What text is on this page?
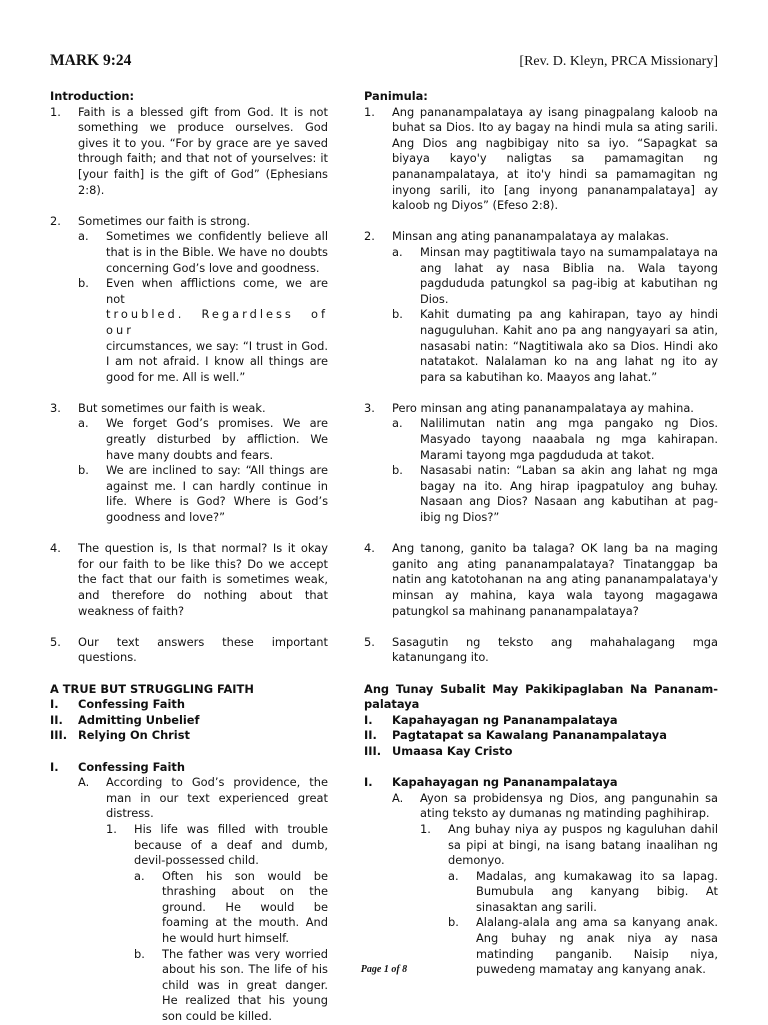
MARK 9:24	[Rev. D. Kleyn, PRCA Missionary]

Introduction:

1.	Faith is a blessed gift from God. It is not something we produce ourselves. God gives it to you. “For by grace are ye saved through faith; and that not of yourselves: it [your faith] is the gift of God” (Ephesians 2:8).
2.	Sometimes our faith is strong.
a.	Sometimes we confidently believe all that is in the Bible. We have no doubts concerning God’s love and goodness.
b.	Even when afflictions come, we are not
troubled. Regardless of our
circumstances, we say: “I trust in God. I am not afraid. I know all things are good for me. All is well.”
3.	But sometimes our faith is weak.
a.	We forget God’s promises. We are greatly disturbed by affliction. We have many doubts and fears.
b.	We are inclined to say: “All things are against me. I can hardly continue in life. Where is God? Where is God’s goodness and love?”
4.	The question is, Is that normal? Is it okay for our faith to be like this? Do we accept the fact that our faith is sometimes weak, and therefore do nothing about that weakness of faith?
5.	Our text answers these important questions.

A TRUE BUT STRUGGLING FAITH

I.	Confessing Faith
II.	Admitting Unbelief
III. Relying On Christ
I.	Confessing Faith
A.	According to God’s providence, the man in our text experienced great distress.
1.	His life was filled with trouble because of a deaf and dumb, devil-possessed child.
a.	Often his son would be thrashing about on the ground. He would be foaming at the mouth. And he would hurt himself.
b.	The father was very worried about his son. The life of his child was in great danger. He realized that his young son could be killed.

Panimula:

1.	Ang pananampalataya ay isang pinagpalang kaloob na buhat sa Dios. Ito ay bagay na hindi mula sa ating sarili. Ang Dios ang nagbibigay nito sa iyo. “Sapagkat sa biyaya kayo'y naligtas sa pamamagitan ng pananampalataya, at ito'y hindi sa pamamagitan ng inyong sarili, ito [ang inyong pananampalataya] ay kaloob ng Diyos” (Efeso 2:8).
2.	Minsan ang ating pananampalataya ay malakas.
a.	Minsan may pagtitiwala tayo na sumampalataya na ang lahat ay nasa Biblia na. Wala tayong pagdududa patungkol sa pag-ibig at kabutihan ng Dios.
b.	Kahit dumating pa ang kahirapan, tayo ay hindi naguguluhan. Kahit ano pa ang nangyayari sa atin, nasasabi natin: “Nagtitiwala ako sa Dios. Hindi ako natatakot. Nalalaman ko na ang lahat ng ito ay para sa kabutihan ko. Maayos ang lahat.”
3.	Pero minsan ang ating pananampalataya ay mahina.
a.	Nalilimutan natin ang mga pangako ng Dios. Masyado tayong naaabala ng mga kahirapan. Marami tayong mga pagdududa at takot.
b.	Nasasabi natin: “Laban sa akin ang lahat ng mga bagay na ito. Ang hirap ipagpatuloy ang buhay. Nasaan ang Dios? Nasaan ang kabutihan at pag-ibig ng Dios?”
4.	Ang tanong, ganito ba talaga? OK lang ba na maging ganito ang ating pananampalataya? Tinatanggap ba natin ang katotohanan na ang ating pananampalataya'y minsan ay mahina, kaya wala tayong magagawa patungkol sa mahinang pananampalataya?
5.	Sasagutin ng teksto ang mahahalagang mga katanungang ito.

Ang Tunay Subalit May Pakikipaglaban Na Pananam-palataya

I.	Kapahayagan ng Pananampalataya
II.	Pagtatapat sa Kawalang Pananampalataya
III. Umaasa Kay Cristo
I.	Kapahayagan ng Pananampalataya
A.	Ayon sa probidensya ng Dios, ang pangunahin sa ating teksto ay dumanas ng matinding paghihirap.
1.	Ang buhay niya ay puspos ng kaguluhan dahil sa pipi at bingi, na isang batang inaalihan ng demonyo.
a.	Madalas, ang kumakawag ito sa lapag. Bumubula ang kanyang bibig. At sinasaktan ang sarili.
b.	Alalang-alala ang ama sa kanyang anak. Ang buhay ng anak niya ay nasa matinding panganib. Naisip niya, puwedeng mamatay ang kanyang anak.
Page 1 of 8
